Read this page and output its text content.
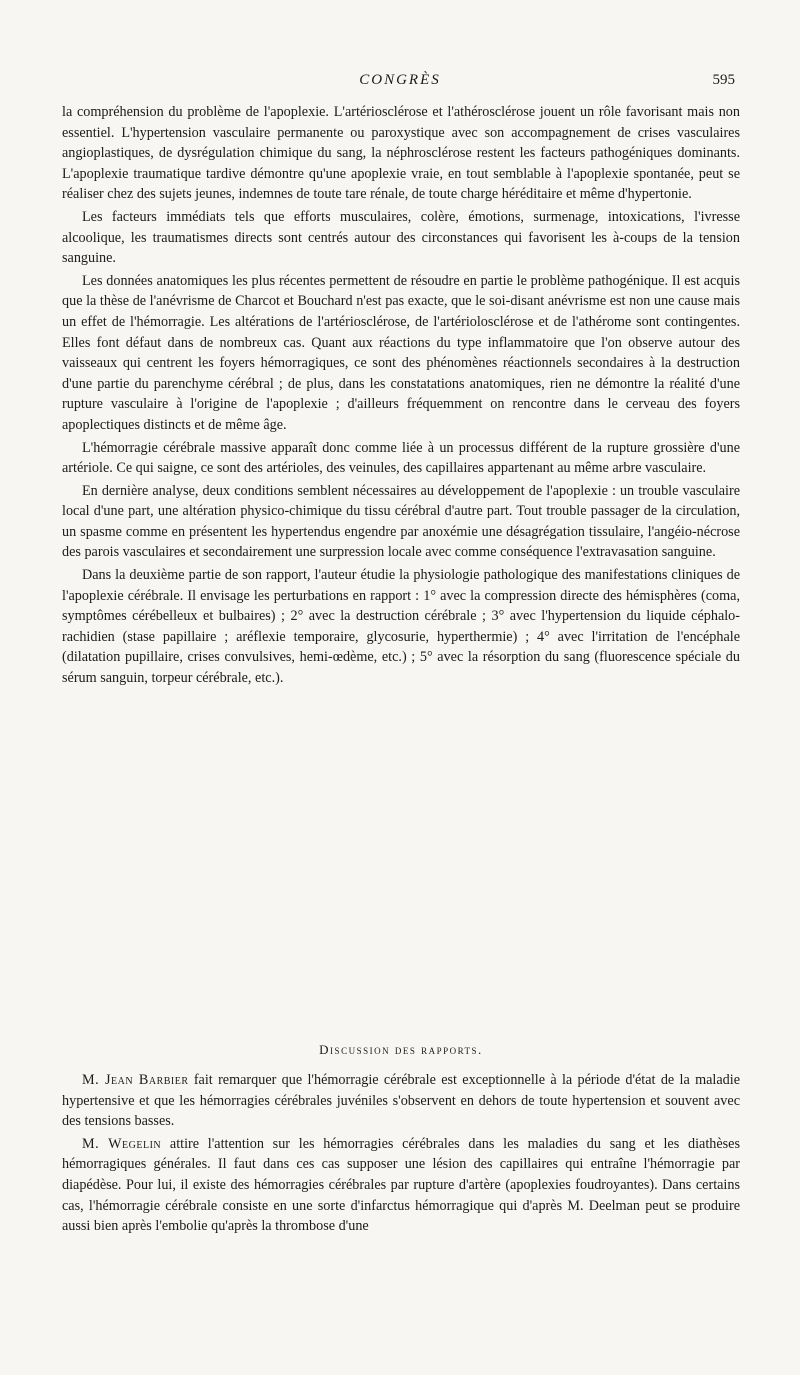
CONGRÈS	595

la compréhension du problème de l'apoplexie. L'artériosclérose et l'athérosclérose jouent un rôle favorisant mais non essentiel. L'hypertension vasculaire permanente ou paroxystique avec son accompagnement de crises vasculaires angioplastiques, de dysrégulation chimique du sang, la néphrosclérose restent les facteurs pathogéniques dominants. L'apoplexie traumatique tardive démontre qu'une apoplexie vraie, en tout semblable à l'apoplexie spontanée, peut se réaliser chez des sujets jeunes, indemnes de toute tare rénale, de toute charge héréditaire et même d'hypertonie.

Les facteurs immédiats tels que efforts musculaires, colère, émotions, surmenage, intoxications, l'ivresse alcoolique, les traumatismes directs sont centrés autour des circonstances qui favorisent les à-coups de la tension sanguine.

Les données anatomiques les plus récentes permettent de résoudre en partie le problème pathogénique. Il est acquis que la thèse de l'anévrisme de Charcot et Bouchard n'est pas exacte, que le soi-disant anévrisme est non une cause mais un effet de l'hémorragie. Les altérations de l'artériosclérose, de l'artériolosclérose et de l'athérome sont contingentes. Elles font défaut dans de nombreux cas. Quant aux réactions du type inflammatoire que l'on observe autour des vaisseaux qui centrent les foyers hémorragiques, ce sont des phénomènes réactionnels secondaires à la destruction d'une partie du parenchyme cérébral ; de plus, dans les constatations anatomiques, rien ne démontre la réalité d'une rupture vasculaire à l'origine de l'apoplexie ; d'ailleurs fréquemment on rencontre dans le cerveau des foyers apoplectiques distincts et de même âge.

L'hémorragie cérébrale massive apparaît donc comme liée à un processus différent de la rupture grossière d'une artériole. Ce qui saigne, ce sont des artérioles, des veinules, des capillaires appartenant au même arbre vasculaire.

En dernière analyse, deux conditions semblent nécessaires au développement de l'apoplexie : un trouble vasculaire local d'une part, une altération physico-chimique du tissu cérébral d'autre part. Tout trouble passager de la circulation, un spasme comme en présentent les hypertendus engendre par anoxémie une désagrégation tissulaire, l'angéio-nécrose des parois vasculaires et secondairement une surpression locale avec comme conséquence l'extravasation sanguine.

Dans la deuxième partie de son rapport, l'auteur étudie la physiologie pathologique des manifestations cliniques de l'apoplexie cérébrale. Il envisage les perturbations en rapport : 1° avec la compression directe des hémisphères (coma, symptômes cérébelleux et bulbaires) ; 2° avec la destruction cérébrale ; 3° avec l'hypertension du liquide céphalo-rachidien (stase papillaire ; aréflexie temporaire, glycosurie, hyperthermie) ; 4° avec l'irritation de l'encéphale (dilatation pupillaire, crises convulsives, hemi-œdème, etc.) ; 5° avec la résorption du sang (fluorescence spéciale du sérum sanguin, torpeur cérébrale, etc.).

Discussion des rapports.

M. Jean Barbier fait remarquer que l'hémorragie cérébrale est exceptionnelle à la période d'état de la maladie hypertensive et que les hémorragies cérébrales juvéniles s'observent en dehors de toute hypertension et souvent avec des tensions basses.

M. Wegelin attire l'attention sur les hémorragies cérébrales dans les maladies du sang et les diathèses hémorragiques générales. Il faut dans ces cas supposer une lésion des capillaires qui entraîne l'hémorragie par diapédèse. Pour lui, il existe des hémorragies cérébrales par rupture d'artère (apoplexies foudroyantes). Dans certains cas, l'hémorragie cérébrale consiste en une sorte d'infarctus hémorragique qui d'après M. Deelman peut se produire aussi bien après l'embolie qu'après la thrombose d'une
